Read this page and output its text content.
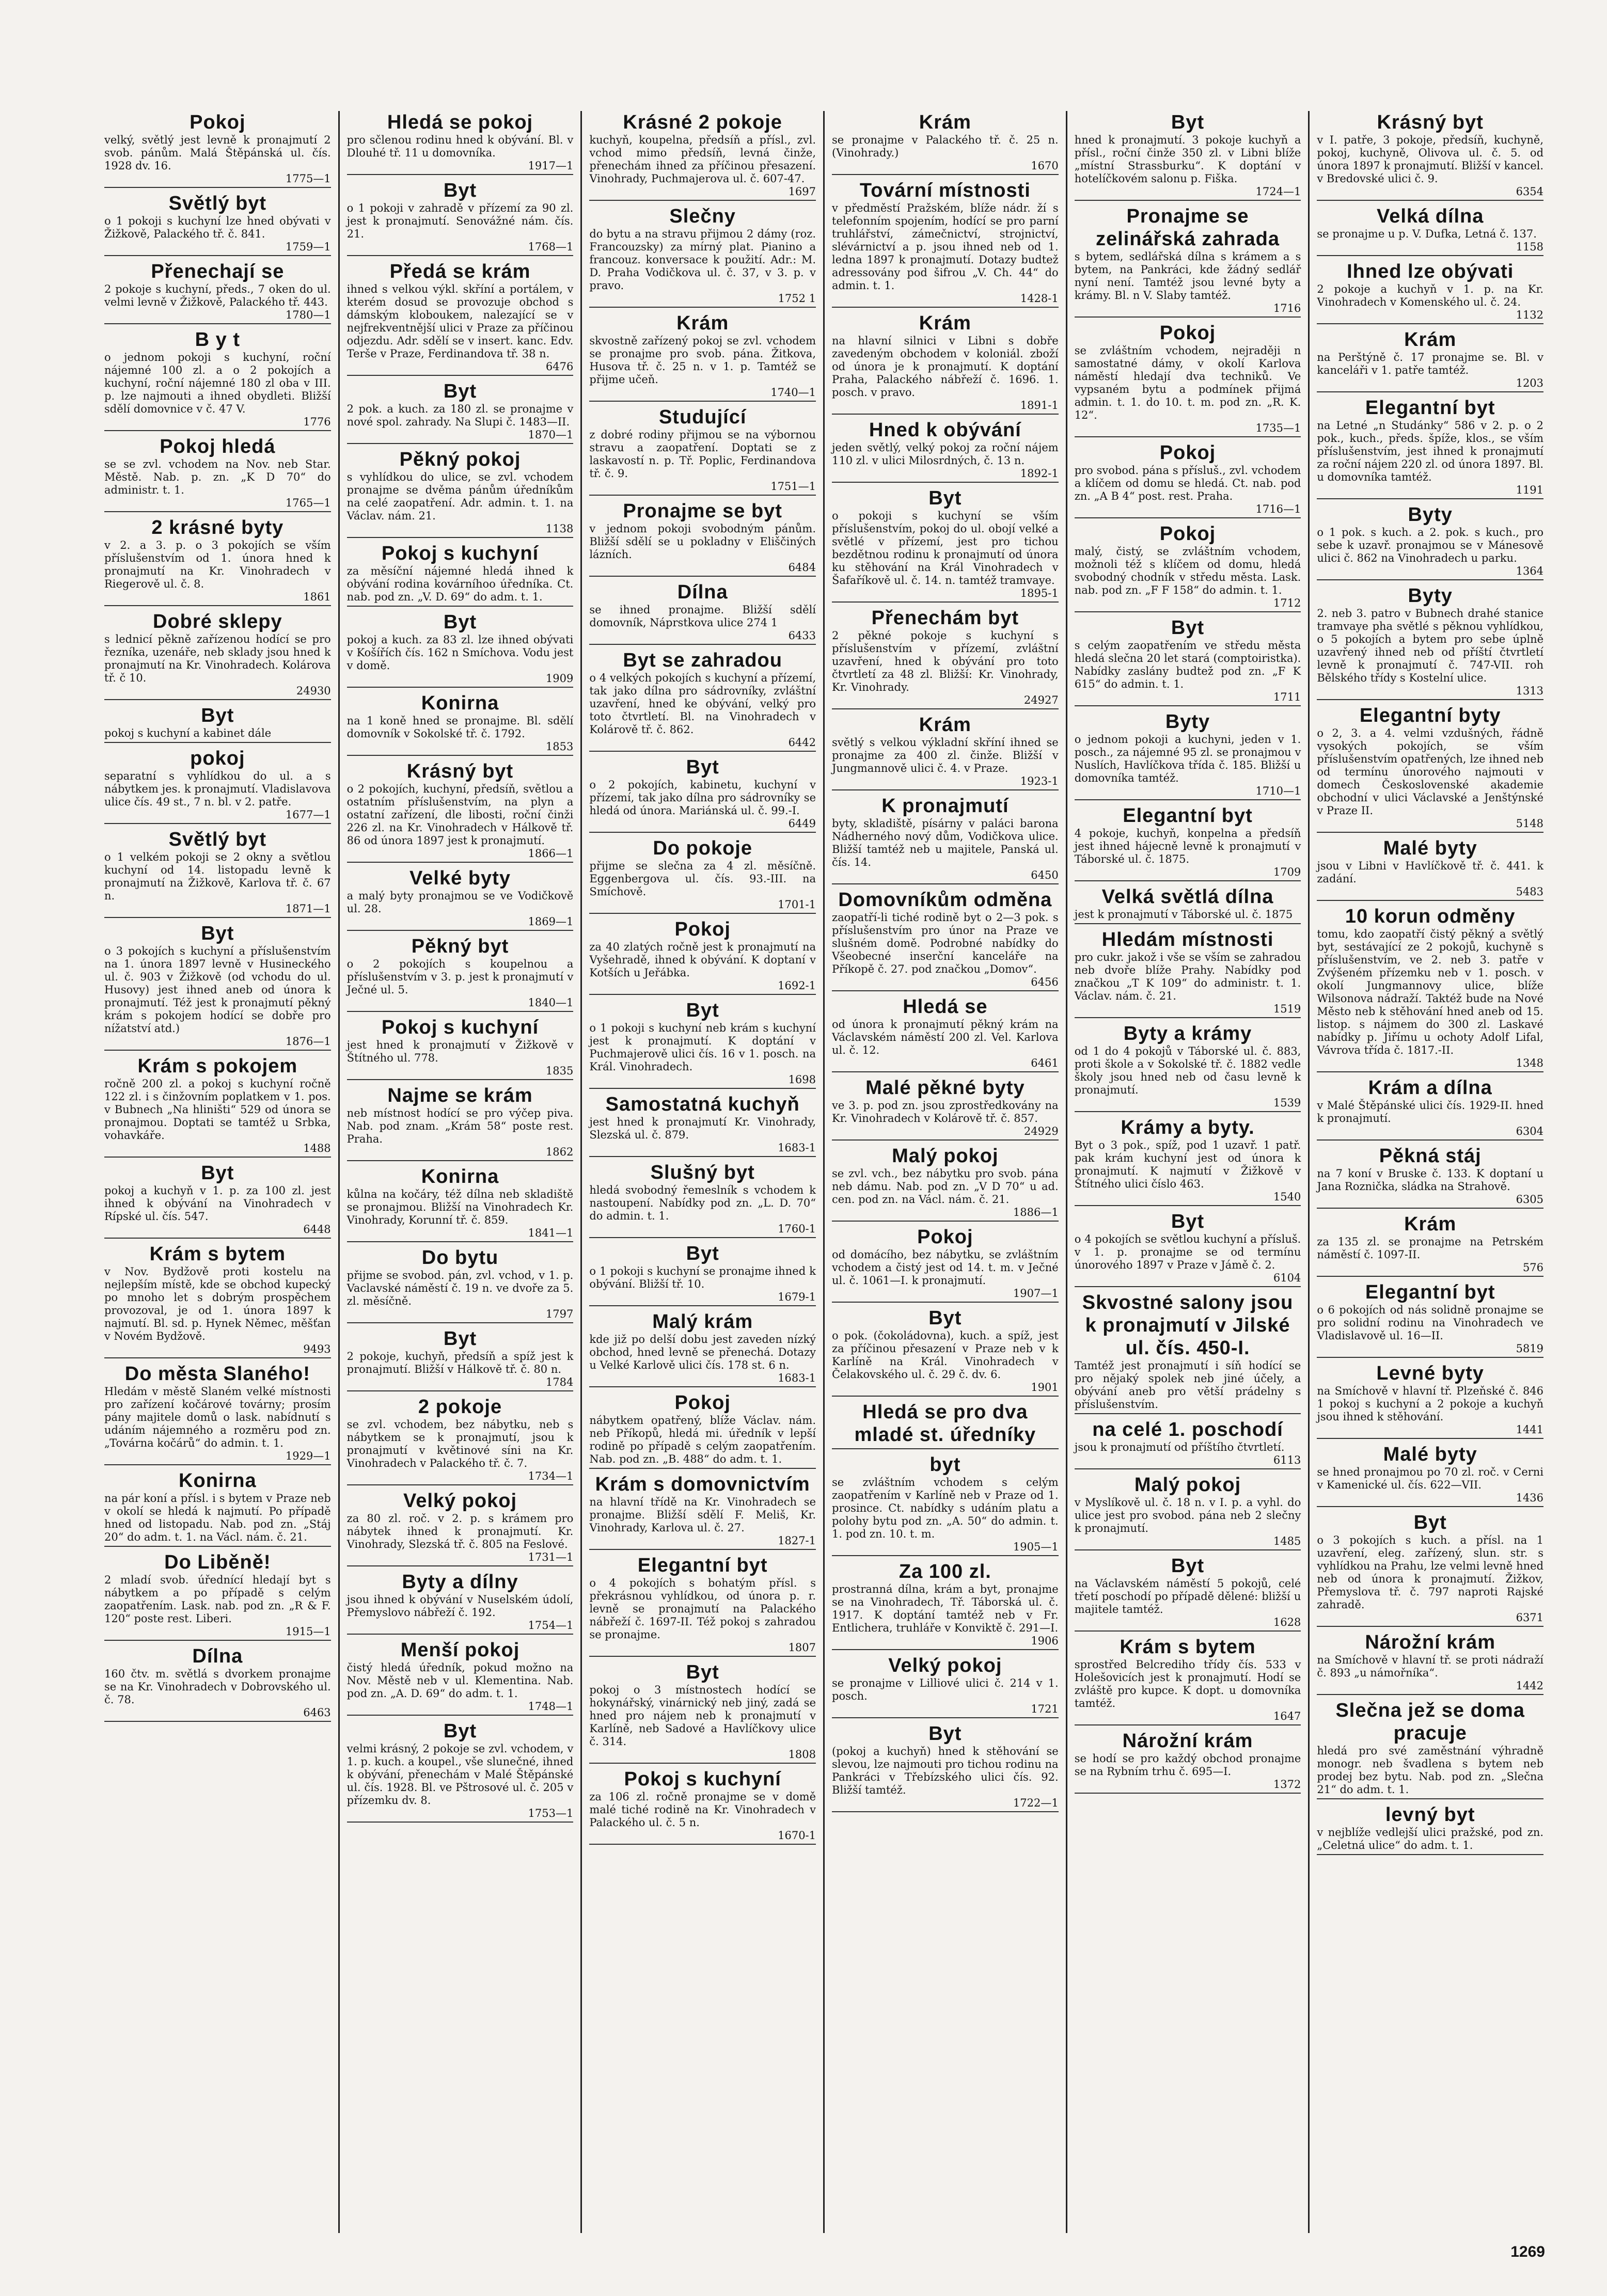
Pokoj

velký, světlý jest levně k pronajmutí 2 svob. pánům. Malá Štěpánská ul. čís. 1928 dv. 16.

1775—1
Světlý byt

o 1 pokoji s kuchyní lze hned obývati v Žižkově, Palackého tř. č. 841.

1759—1
Přenechají se

2 pokoje s kuchyní, předs., 7 oken do ul. velmi levně v Žižkově, Palackého tř. 443.

1780—1
B y t

o jednom pokoji s kuchyní, roční nájemné 100 zl. a o 2 pokojích a kuchyní, roční nájemné 180 zl oba v III. p. lze najmouti a ihned obydleti. Bližší sdělí domovnice v č. 47 V.

1776
Pokoj hledá

se se zvl. vchodem na Nov. neb Star. Městě. Nab. p. zn. „K D 70“ do administr. t. 1.

1765—1
2 krásné byty

v 2. a 3. p. o 3 pokojích se vším příslušenstvím od 1. února hned k pronajmutí na Kr. Vinohradech v Riegerově ul. č. 8.

1861
Dobré sklepy

s lednicí pěkně zařízenou hodící se pro řezníka, uzenáře, neb sklady jsou hned k pronajmutí na Kr. Vinohradech. Kolárova tř. č 10.

24930
Byt

pokoj s kuchyní a kabinet dále

pokoj

separatní s vyhlídkou do ul. a s nábytkem jes. k pronajmutí. Vladislavova ulice čís. 49 st., 7 n. bl. v 2. patře.

1677—1
Světlý byt

o 1 velkém pokoji se 2 okny a světlou kuchyní od 14. listopadu levně k pronajmutí na Žižkově, Karlova tř. č. 67 n.

1871—1
Byt

o 3 pokojích s kuchyní a příslušenstvím na 1. února 1897 levně v Husineckého ul. č. 903 v Žižkově (od vchodu do ul. Husovy) jest ihned aneb od února k pronajmutí. Též jest k pronajmutí pěkný krám s pokojem hodící se dobře pro nížatství atd.)

1876—1
Krám s pokojem

ročně 200 zl. a pokoj s kuchyní ročně 122 zl. i s činžovním poplatkem v 1. pos. v Bubnech „Na hliništi“ 529 od února se pronajmou. Doptati se tamtéž u Srbka, vohavkáře.

1488
Byt

pokoj a kuchyň v 1. p. za 100 zl. jest ihned k obývání na Vinohradech v Rípské ul. čís. 547.

6448
Krám s bytem

v Nov. Bydžově proti kostelu na nejlepším místě, kde se obchod kupecký po mnoho let s dobrým prospěchem provozoval, je od 1. února 1897 k najmutí. Bl. sd. p. Hynek Němec, měšťan v Novém Bydžově.

9493
Do města Slaného!

Hledám v městě Slaném velké místnosti pro zařízení kočárové továrny; prosím pány majitele domů o lask. nabídnutí s udáním nájemného a rozměru pod zn. „Továrna kočárů“ do admin. t. 1.

1929—1
Konirna

na pár koní a přísl. i s bytem v Praze neb v okolí se hledá k najmutí. Po případě hned od listopadu. Nab. pod zn. „Stáj 20“ do adm. t. 1. na Václ. nám. č. 21.

Do Liběně!

2 mladí svob. úřednící hledají byt s nábytkem a po případě s celým zaopatřením. Lask. nab. pod zn. „R & F. 120“ poste rest. Liberi.

1915—1
Dílna

160 čtv. m. světlá s dvorkem pronajme se na Kr. Vinohradech v Dobrovského ul. č. 78.

6463
Hledá se pokoj

pro sčlenou rodinu hned k obývání. Bl. v Dlouhé tř. 11 u domovníka.

1917—1
Byt

o 1 pokoji v zahradě v přízemí za 90 zl. jest k pronajmutí. Senovážné nám. čís. 21.

1768—1
Předá se krám

ihned s velkou výkl. skříní a portálem, v kterém dosud se provozuje obchod s dámským kloboukem, nalezající se v nejfrekventnější ulici v Praze za příčinou odjezdu. Adr. sdělí se v insert. kanc. Edv. Terše v Praze, Ferdinandova tř. 38 n.

6476
Byt

2 pok. a kuch. za 180 zl. se pronajme v nové spol. zahrady. Na Slupi č. 1483—II.

1870—1
Pěkný pokoj

s vyhlídkou do ulice, se zvl. vchodem pronajme se dvěma pánům úředníkům na celé zaopatření. Adr. admin. t. 1. na Václav. nám. 21.

1138
Pokoj s kuchyní

za měsíční nájemné hledá ihned k obývání rodina kovárníhoo úředníka. Ct. nab. pod zn. „V. D. 69“ do adm. t. 1.

Byt

pokoj a kuch. za 83 zl. lze ihned obývati v Košířích čís. 162 n Smíchova. Vodu jest v domě.

1909
Konirna

na 1 koně hned se pronajme. Bl. sdělí domovník v Sokolské tř. č. 1792.

1853
Krásný byt

o 2 pokojích, kuchyní, předsíň, světlou a ostatním příslušenstvím, na plyn a ostatní zařízení, dle libosti, roční činži 226 zl. na Kr. Vinohradech v Hálkově tř. 86 od února 1897 jest k pronajmutí.

1866—1
Velké byty

a malý byty pronajmou se ve Vodičkově ul. 28.

1869—1
Pěkný byt

o 2 pokojích s koupelnou a příslušenstvím v 3. p. jest k pronajmutí v Ječné ul. 5.

1840—1
Pokoj s kuchyní

jest hned k pronajmutí v Žižkově v Štítného ul. 778.

1835
Najme se krám

neb místnost hodící se pro výčep piva. Nab. pod znam. „Krám 58“ poste rest. Praha.

1862
Konirna

kůlna na kočáry, též dílna neb skladiště se pronajmou. Bližší na Vinohradech Kr. Vinohrady, Korunní tř. č. 859.

1841—1
Do bytu

přijme se svobod. pán, zvl. vchod, v 1. p. Vaclavské náměstí č. 19 n. ve dvoře za 5. zl. měsíčně.

1797
Byt

2 pokoje, kuchyň, předsíň a spíž jest k pronajmutí. Bližší v Hálkově tř. č. 80 n.

1784
2 pokoje

se zvl. vchodem, bez nábytku, neb s nábytkem se k pronajmutí, jsou k pronajmutí v květinové síni na Kr. Vinohradech v Palackého tř. č. 7.

1734—1
Velký pokoj

za 80 zl. roč. v 2. p. s krámem pro nábytek ihned k pronajmutí. Kr. Vinohrady, Slezská tř. č. 805 na Feslové.

1731—1
Byty a dílny

jsou ihned k obývání v Nuselském údolí, Přemyslovo nábřeží č. 192.

1754—1
Menší pokoj

čistý hledá úředník, pokud možno na Nov. Městě neb v ul. Klementina. Nab. pod zn. „A. D. 69“ do adm. t. 1.

1748—1
Byt

velmi krásný, 2 pokoje se zvl. vchodem, v 1. p. kuch. a koupel., vše slunečné, ihned k obývání, přenechám v Malé Štěpánské ul. čís. 1928. Bl. ve Pštrosové ul. č. 205 v přízemku dv. 8.

1753—1
Krásné 2 pokoje

kuchyň, koupelna, předsíň a přísl., zvl. vchod mimo předsíň, levná činže, přenechám ihned za příčinou přesazení. Vinohrady, Puchmajerova ul. č. 607-47.

1697
Slečny

do bytu a na stravu přijmou 2 dámy (roz. Francouzsky) za mírný plat. Pianino a francouz. konversace k použití. Adr.: M. D. Praha Vodičkova ul. č. 37, v 3. p. v pravo.

1752 1
Krám

skvostně zařízený pokoj se zvl. vchodem se pronajme pro svob. pána. Žitkova, Husova tř. č. 25 n. v 1. p. Tamtéž se přijme učeň.

1740—1
Studující

z dobré rodiny přijmou se na výbornou stravu a zaopatření. Doptati se z laskavostí n. p. Tř. Poplic, Ferdinandova tř. č. 9.

1751—1
Pronajme se byt

v jednom pokoji svobodným pánům. Bližší sdělí se u pokladny v Eliščiných lázních.

6484
Dílna

se ihned pronajme. Bližší sdělí domovník, Náprstkova ulice 274 1

6433
Byt se zahradou

o 4 velkých pokojích s kuchyní a přízemí, tak jako dílna pro sádrovníky, zvláštní uzavření, hned ke obývání, velký pro toto čtvrtletí. Bl. na Vinohradech v Kolárově tř. č. 862.

6442
Byt

o 2 pokojích, kabinetu, kuchyní v přízemí, tak jako dílna pro sádrovníky se hledá od února. Mariánská ul. č. 99.-I.

6449
Do pokoje

přijme se slečna za 4 zl. měsíčně. Eggenbergova ul. čís. 93.-III. na Smíchově.

1701-1
Pokoj

za 40 zlatých ročně jest k pronajmutí na Vyšehradě, ihned k obývání. K doptaní v Kotších u Jeřábka.

1692-1
Byt

o 1 pokoji s kuchyní neb krám s kuchyní jest k pronajmutí. K doptání v Puchmajerově ulici čís. 16 v 1. posch. na Král. Vinohradech.

1698
Samostatná kuchyň

jest hned k pronajmutí Kr. Vinohrady, Slezská ul. č. 879.

1683-1
Slušný byt

hledá svobodný řemeslník s vchodem k nastoupení. Nabídky pod zn. „L. D. 70“ do admin. t. 1.

1760-1
Byt

o 1 pokoji s kuchyní se pronajme ihned k obývání. Bližší tř. 10.

1679-1
Malý krám

kde již po delší dobu jest zaveden nízký obchod, hned levně se přenechá. Dotazy u Velké Karlově ulici čís. 178 st. 6 n.

1683-1
Pokoj

nábytkem opatřený, blíže Václav. nám. neb Příkopů, hledá mi. úředník v lepší rodině po případě s celým zaopatřením. Nab. pod zn. „B. 488“ do adm. t. 1.

Krám s domovnictvím

na hlavní třídě na Kr. Vinohradech se pronajme. Bližší sdělí F. Meliš, Kr. Vinohrady, Karlova ul. č. 27.

1827-1
Elegantní byt

o 4 pokojích s bohatým přísl. s překrásnou vyhlídkou, od února p. r. levně se pronajmutí na Palackého nábřeží č. 1697-II. Též pokoj s zahradou se pronajme.

1807
Byt

pokoj o 3 místnostech hodící se hokynářský, vinárnický neb jiný, zadá se hned pro nájem neb k pronajmutí v Karlíně, neb Sadové a Havlíčkovy ulice č. 314.

1808
Pokoj s kuchyní

za 106 zl. ročně pronajme se v domě malé tiché rodině na Kr. Vinohradech v Palackého ul. č. 5 n.

1670-1
Krám

se pronajme v Palackého tř. č. 25 n. (Vinohrady.)

1670
Tovární místnosti

v předměstí Pražském, blíže nádr. ží s telefonním spojením, hodící se pro parní truhlářství, zámečnictví, strojnictví, slévárnictví a p. jsou ihned neb od 1. ledna 1897 k pronajmutí. Dotazy budtež adressovány pod šifrou „V. Ch. 44“ do admin. t. 1.

1428-1
Krám

na hlavní silnici v Libni s dobře zavedeným obchodem v koloniál. zboží od února je k pronajmutí. K doptání Praha, Palackého nábřeží č. 1696. 1. posch. v pravo.

1891-1
Hned k obývání

jeden světlý, velký pokoj za roční nájem 110 zl. v ulici Milosrdných, č. 13 n.

1892-1
Byt

o pokoji s kuchyní se vším příslušenstvím, pokoj do ul. obojí velké a světlé v přízemí, jest pro tichou bezdětnou rodinu k pronajmutí od února ku stěhování na Král Vinohradech v Šafaříkově ul. č. 14. n. tamtéž tramvaye.

1895-1
Přenechám byt

2 pěkné pokoje s kuchyní s příslušenstvím v přízemí, zvláštní uzavření, hned k obývání pro toto čtvrtletí za 48 zl. Bližší: Kr. Vinohrady, Kr. Vinohrady.

24927
Krám

světlý s velkou výkladní skříní ihned se pronajme za 400 zl. činže. Bližší v Jungmannově ulici č. 4. v Praze.

1923-1
K pronajmutí

byty, skladiště, písárny v paláci barona Nádherného nový dům, Vodičkova ulice. Bližší tamtéž neb u majitele, Panská ul. čís. 14.

6450
Domovníkům odměna

zaopatří-li tiché rodině byt o 2—3 pok. s příslušenstvím pro únor na Praze ve slušném domě. Podrobné nabídky do Všeobecné inserční kanceláře na Příkopě č. 27. pod značkou „Domov“.

6456
Hledá se

od února k pronajmutí pěkný krám na Václavském náměstí 200 zl. Vel. Karlova ul. č. 12.

6461
Malé pěkné byty

ve 3. p. pod zn. jsou zprostředkovány na Kr. Vinohradech v Kolárově tř. č. 857.

24929
Malý pokoj

se zvl. vch., bez nábytku pro svob. pána neb dámu. Nab. pod zn. „V D 70“ u ad. cen. pod zn. na Václ. nám. č. 21.

1886—1
Pokoj

od domácího, bez nábytku, se zvláštním vchodem a čistý jest od 14. t. m. v Ječné ul. č. 1061—I. k pronajmutí.

1907—1
Byt

o pok. (čokoládovna), kuch. a spíž, jest za příčinou přesazení v Praze neb v k Karlíně na Král. Vinohradech v Čelakovského ul. č. 29 č. dv. 6.

1901
Hledá se pro dva mladé st. úředníky

byt

se zvláštním vchodem s celým zaopatřením v Karlíně neb v Praze od 1. prosince. Ct. nabídky s udáním platu a polohy bytu pod zn. „A. 50“ do admin. t. 1. pod zn. 10. t. m.

1905—1
Za 100 zl.

prostranná dílna, krám a byt, pronajme se na Vinohradech, Tř. Táborská ul. č. 1917. K doptání tamtéž neb v Fr. Entlichera, truhláře v Konviktě č. 291—I.

1906
Velký pokoj

se pronajme v Lilliové ulici č. 214 v 1. posch.

1721
Byt

(pokoj a kuchyň) hned k stěhování se slevou, lze najmouti pro tichou rodinu na Pankráci v Třebízského ulici čís. 92. Bližší tamtéž.

1722—1
Byt

hned k pronajmutí. 3 pokoje kuchyň a přísl., roční činže 350 zl. v Libni blíže „místní Strassburku“. K doptání v hotelíčkovém salonu p. Fiška.

1724—1
Pronajme se zelinářská zahrada

s bytem, sedlářská dílna s krámem a s bytem, na Pankráci, kde žádný sedlář nyní není. Tamtéž jsou levné byty a krámy. Bl. n V. Slaby tamtéž.

1716
Pokoj

se zvláštním vchodem, nejraději n samostatné dámy, v okolí Karlova náměstí hledají dva techniků. Ve vypsaném bytu a podmínek přijmá admin. t. 1. do 10. t. m. pod zn. „R. K. 12“.

1735—1
Pokoj

pro svobod. pána s přísluš., zvl. vchodem a klíčem od domu se hledá. Ct. nab. pod zn. „A B 4“ post. rest. Praha.

1716—1
Pokoj

malý, čistý, se zvláštním vchodem, možnoli též s klíčem od domu, hledá svobodný chodník v středu města. Lask. nab. pod zn. „F F 158“ do admin. t. 1.

1712
Byt

s celým zaopatřením ve středu města hledá slečna 20 let stará (comptoiristka). Nabídky zaslány budtež pod zn. „F K 615“ do admin. t. 1.

1711
Byty

o jednom pokoji a kuchyni, jeden v 1. posch., za nájemné 95 zl. se pronajmou v Nuslích, Havlíčkova třída č. 185. Bližší u domovníka tamtéž.

1710—1
Elegantní byt

4 pokoje, kuchyň, konpelna a předsíň jest ihned hájecně levně k pronajmutí v Táborské ul. č. 1875.

1709
Velká světlá dílna

jest k pronajmutí v Táborské ul. č. 1875

Hledám místnosti

pro cukr. jakož i vše se vším se zahradou neb dvoře blíže Prahy. Nabídky pod značkou „T K 109“ do administr. t. 1. Václav. nám. č. 21.

1519
Byty a krámy

od 1 do 4 pokojů v Táborské ul. č. 883, proti škole a v Sokolské tř. č. 1882 vedle školy jsou hned neb od času levně k pronajmutí.

1539
Krámy a byty.

Byt o 3 pok., spíž, pod 1 uzavř. 1 patř. pak krám kuchyní jest od února k pronajmutí. K najmutí v Žižkově v Štítného ulici číslo 463.

1540
Byt

o 4 pokojích se světlou kuchyní a přísluš. v 1. p. pronajme se od termínu únorového 1897 v Praze v Jámě č. 2.

6104
Skvostné salony jsou k pronajmutí v Jilské ul. čís. 450-I.

Tamtéž jest pronajmutí i síň hodící se pro nějaký spolek neb jiné účely, a obývání aneb pro větší prádelny s příslušenstvím.

na celé 1. poschodí

jsou k pronajmutí od příštího čtvrtletí.

6113
Malý pokoj

v Myslíkově ul. č. 18 n. v I. p. a vyhl. do ulice jest pro svobod. pána neb 2 slečny k pronajmutí.

1485
Byt

na Václavském náměstí 5 pokojů, celé třetí poschodí po případě dělené: bližší u majitele tamtéž.

1628
Krám s bytem

sprostřed Belcrediho třídy čís. 533 v Holešovicích jest k pronajmutí. Hodí se zvláště pro kupce. K dopt. u domovníka tamtéž.

1647
Nárožní krám

se hodí se pro každý obchod pronajme se na Rybním trhu č. 695—I.

1372
Krásný byt

v I. patře, 3 pokoje, předsíň, kuchyně, pokoj, kuchyně, Olivova ul. č. 5. od února 1897 k pronajmutí. Bližší v kancel. v Bredovské ulici č. 9.

6354
Velká dílna

se pronajme u p. V. Dufka, Letná č. 137.

1158
Ihned lze obývati

2 pokoje a kuchyň v 1. p. na Kr. Vinohradech v Komenského ul. č. 24.

1132
Krám

na Perštýně č. 17 pronajme se. Bl. v kanceláři v 1. patře tamtéž.

1203
Elegantní byt

na Letné „n Studánky“ 586 v 2. p. o 2 pok., kuch., předs. špíže, klos., se vším příslušenstvím, jest ihned k pronajmutí za roční nájem 220 zl. od února 1897. Bl. u domovníka tamtéž.

1191
Byty

o 1 pok. s kuch. a 2. pok. s kuch., pro sebe k uzavř. pronajmou se v Mánesově ulici č. 862 na Vinohradech u parku.

1364
Byty

2. neb 3. patro v Bubnech drahé stanice tramvaye pha světlé s pěknou vyhlídkou, o 5 pokojích a bytem pro sebe úplně uzavřený ihned neb od příští čtvrtletí levně k pronajmutí č. 747-VII. roh Bělského třídy s Kostelní ulice.

1313
Elegantní byty

o 2, 3. a 4. velmi vzdušných, řádně vysokých pokojích, se vším příslušenstvím opatřených, lze ihned neb od termínu únorového najmouti v domech Československé akademie obchodní v ulici Václavské a Jenštýnské v Praze II.

5148
Malé byty

jsou v Libni v Havlíčkově tř. č. 441. k zadání.

5483
10 korun odměny

tomu, kdo zaopatří čistý pěkný a světlý byt, sestávající ze 2 pokojů, kuchyně s příslušenstvím, ve 2. neb 3. patře v Zvýšeném přízemku neb v 1. posch. v okolí Jungmannovy ulice, blíže Wilsonova nádraží. Taktéž bude na Nové Město neb k stěhování hned aneb od 15. listop. s nájmem do 300 zl. Laskavé nabídky p. Jiřímu u ochoty Adolf Lifal, Vávrova třída č. 1817.-II.

1348
Krám a dílna

v Malé Štěpánské ulici čís. 1929-II. hned k pronajmutí.

6304
Pěkná stáj

na 7 koní v Bruske č. 133. K doptaní u Jana Roznička, sládka na Strahově.

6305
Krám

za 135 zl. se pronajme na Petrském náměstí č. 1097-II.

576
Elegantní byt

o 6 pokojích od nás solidně pronajme se pro solidní rodinu na Vinohradech ve Vladislavově ul. 16—II.

5819
Levné byty

na Smíchově v hlavní tř. Plzeňské č. 846 1 pokoj s kuchyní a 2 pokoje a kuchyň jsou ihned k stěhování.

1441
Malé byty

se hned pronajmou po 70 zl. roč. v Cerni v Kamenické ul. čís. 622—VII.

1436
Byt

o 3 pokojích s kuch. a přísl. na 1 uzavření, eleg. zařízený, slun. str. s vyhlídkou na Prahu, lze velmi levně hned neb od února k pronajmutí. Žižkov, Přemyslova tř. č. 797 naproti Rajské zahradě.

6371
Nárožní krám

na Smíchově v hlavní tř. se proti nádraží č. 893 „u námořníka“.

1442
Slečna jež se doma pracuje

hledá pro své zaměstnání výhradně monogr. neb švadlena s bytem neb prodej bez bytu. Nab. pod zn. „Slečna 21“ do adm. t. 1.

levný byt

v nejblíže vedlejší ulici pražské, pod zn. „Celetná ulice“ do adm. t. 1.

1269
